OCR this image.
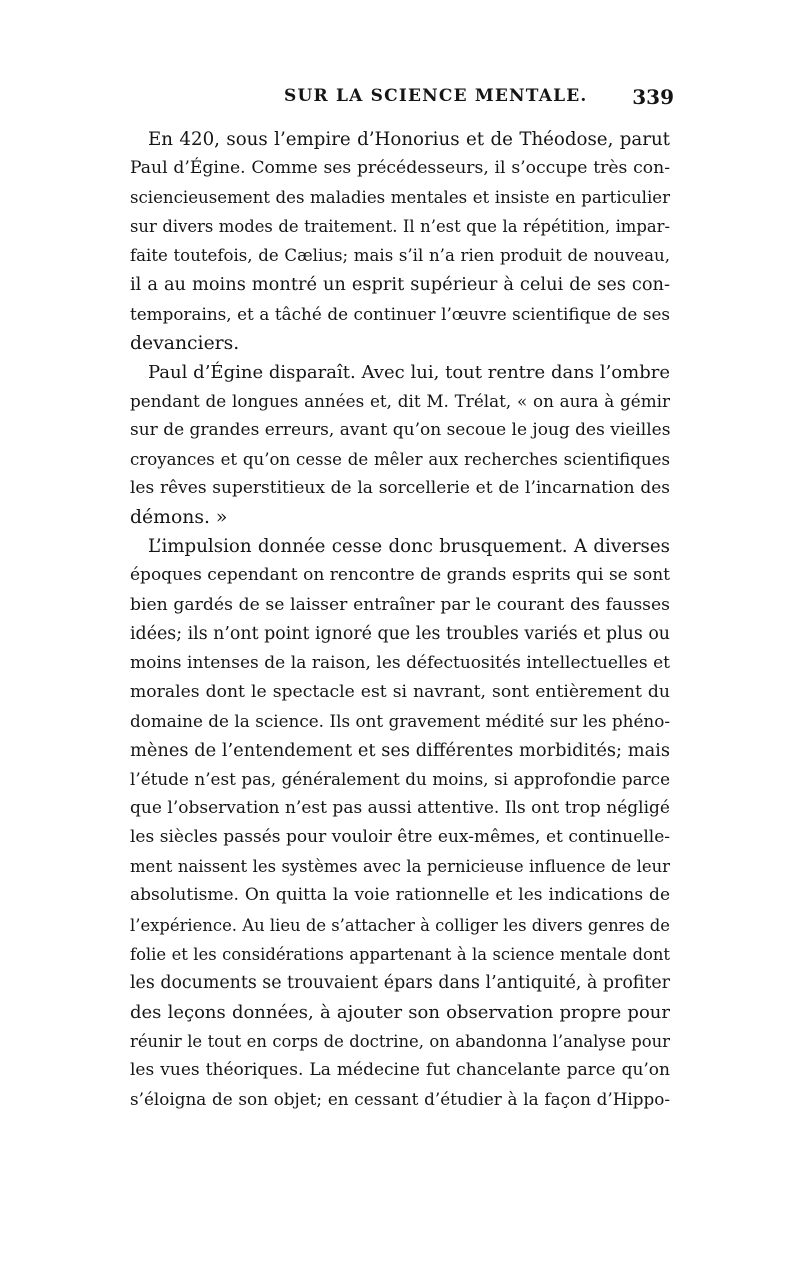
SUR LA SCIENCE MENTALE. 339
En 420, sous l’empire d’Honorius et de Théodose, parut
Paul d’Égine. Comme ses précédesseurs, il s’occupe très con-
sciencieusement des maladies mentales et insiste en particulier
sur divers modes de traitement. Il n’est que la répétition, impar-
faite toutefois, de Cælius; mais s’il n’a rien produit de nouveau,
il a au moins montré un esprit supérieur à celui de ses con-
temporains, et a tâché de continuer l’œuvre scientifique de ses
devanciers.
Paul d’Égine disparaît. Avec lui, tout rentre dans l’ombre
pendant de longues années et, dit M. Trélat, « on aura à gémir
sur de grandes erreurs, avant qu’on secoue le joug des vieilles
croyances et qu’on cesse de mêler aux recherches scientifiques
les rêves superstitieux de la sorcellerie et de l’incarnation des
démons. »
L’impulsion donnée cesse donc brusquement. A diverses
époques cependant on rencontre de grands esprits qui se sont
bien gardés de se laisser entraîner par le courant des fausses
idées; ils n’ont point ignoré que les troubles variés et plus ou
moins intenses de la raison, les défectuosités intellectuelles et
morales dont le spectacle est si navrant, sont entièrement du
domaine de la science. Ils ont gravement médité sur les phéno-
mènes de l’entendement et ses différentes morbidités; mais
l’étude n’est pas, généralement du moins, si approfondie parce
que l’observation n’est pas aussi attentive. Ils ont trop négligé
les siècles passés pour vouloir être eux-mêmes, et continuelle-
ment naissent les systèmes avec la pernicieuse influence de leur
absolutisme. On quitta la voie rationnelle et les indications de
l’expérience. Au lieu de s’attacher à colliger les divers genres de
folie et les considérations appartenant à la science mentale dont
les documents se trouvaient épars dans l’antiquité, à profiter
des leçons données, à ajouter son observation propre pour
réunir le tout en corps de doctrine, on abandonna l’analyse pour
les vues théoriques. La médecine fut chancelante parce qu’on
s’éloigna de son objet; en cessant d’étudier à la façon d’Hippo-
